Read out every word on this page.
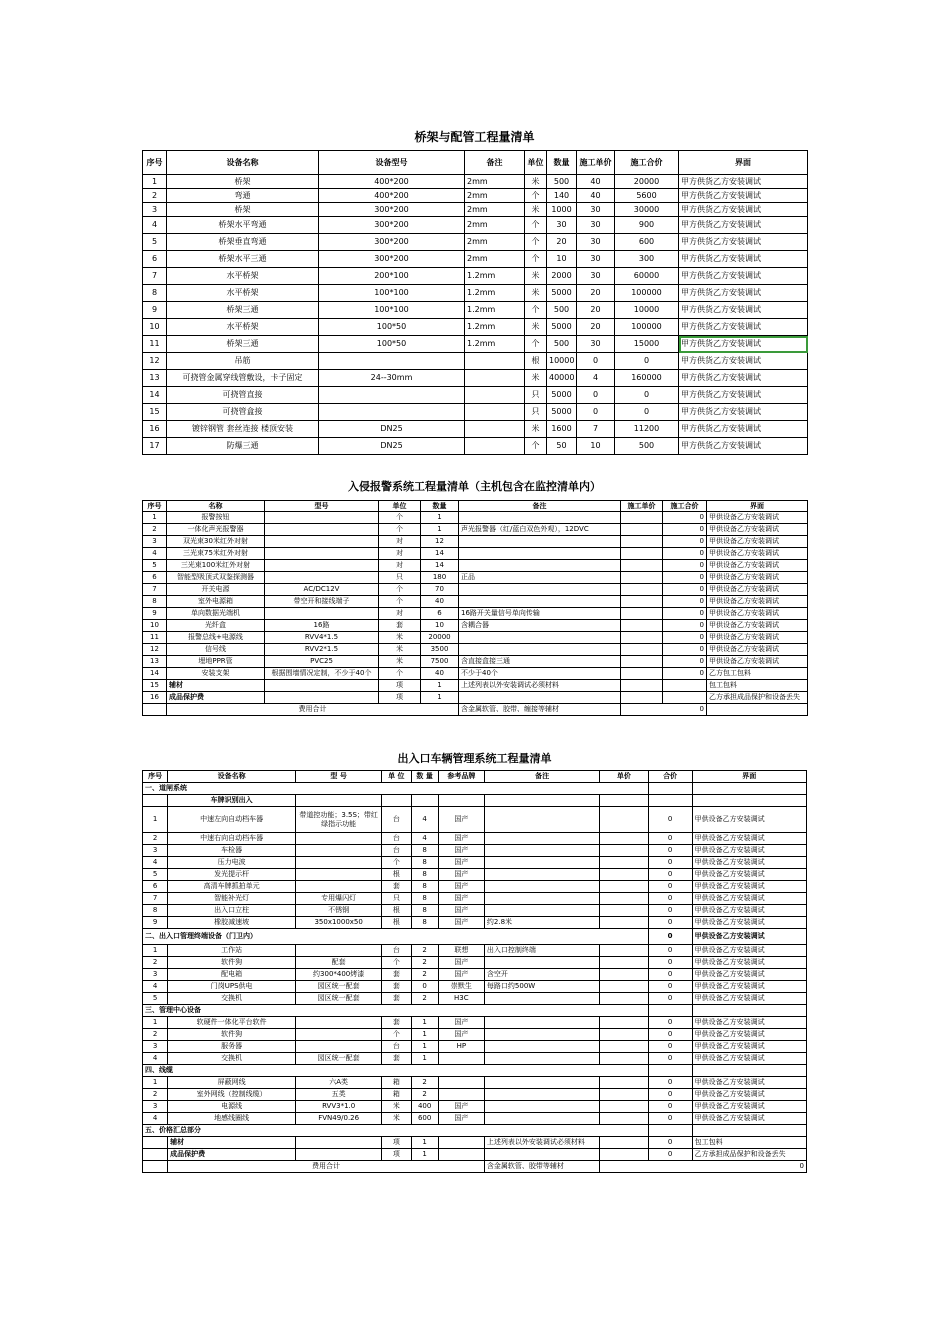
桥架与配管工程量清单
序号	设备名称	设备型号	备注	单位	数量	施工单价	施工合价	界面
1	桥架	400*200	2mm	米	500	40	20000	甲方供货乙方安装调试
2	弯通	400*200	2mm	个	140	40	5600	甲方供货乙方安装调试
3	桥架	300*200	2mm	米	1000	30	30000	甲方供货乙方安装调试
4	桥架水平弯通	300*200	2mm	个	30	30	900	甲方供货乙方安装调试
5	桥架垂直弯通	300*200	2mm	个	20	30	600	甲方供货乙方安装调试
6	桥架水平三通	300*200	2mm	个	10	30	300	甲方供货乙方安装调试
7	水平桥架	200*100	1.2mm	米	2000	30	60000	甲方供货乙方安装调试
8	水平桥架	100*100	1.2mm	米	5000	20	100000	甲方供货乙方安装调试
9	桥架三通	100*100	1.2mm	个	500	20	10000	甲方供货乙方安装调试
10	水平桥架	100*50	1.2mm	米	5000	20	100000	甲方供货乙方安装调试
11	桥架三通	100*50	1.2mm	个	500	30	15000	甲方供货乙方安装调试
12	吊筋			根	10000	0	0	甲方供货乙方安装调试
13	可挠管金属穿线管敷设，卡子固定	24--30mm		米	40000	4	160000	甲方供货乙方安装调试
14	可挠管直接			只	5000	0	0	甲方供货乙方安装调试
15	可挠管盒接			只	5000	0	0	甲方供货乙方安装调试
16	镀锌钢管 套丝连接 楼顶安装	DN25		米	1600	7	11200	甲方供货乙方安装调试
17	防爆三通	DN25		个	50	10	500	甲方供货乙方安装调试
入侵报警系统工程量清单（主机包含在监控清单内）
序号	名称	型号	单位	数量	备注	施工单价	施工合价	界面
1	报警按钮		个	1			0	甲供设备乙方安装调试
2	一体化声光报警器		个	1	声光报警器（红/蓝白双色外观），12DVC		0	甲供设备乙方安装调试
3	双光束30米红外对射		对	12			0	甲供设备乙方安装调试
4	三光束75米红外对射		对	14			0	甲供设备乙方安装调试
5	三光束100米红外对射		对	14			0	甲供设备乙方安装调试
6	智能型吸顶式双鉴探测器		只	180	正品		0	甲供设备乙方安装调试
7	开关电源	AC/DC12V	个	70			0	甲供设备乙方安装调试
8	室外电源箱	带空开和接线端子	个	40			0	甲供设备乙方安装调试
9	单向数据光端机		对	6	16路开关量信号单向传输		0	甲供设备乙方安装调试
10	光纤盒	16路	套	10	含耦合器		0	甲供设备乙方安装调试
11	报警总线+电源线	RVV4*1.5	米	20000			0	甲供设备乙方安装调试
12	信号线	RVV2*1.5	米	3500			0	甲供设备乙方安装调试
13	埋地PPR管	PVC25	米	7500	含直接盒接三通		0	甲供设备乙方安装调试
14	安装支架	根据围墙情况定制，不少于40个	个	40	不少于40个		0	乙方包工包料
15	辅材		项	1	上述列表以外安装调试必须材料			包工包料
16	成品保护费		项	1				乙方承担成品保护和设备丢失
	费用合计				含金属软管、胶带、缠接等辅材	0		
出入口车辆管理系统工程量清单
序号	设备名称	型 号	单 位	数 量	参考品牌	备注	单价	合价	界面
一、道闸系统									
	车牌识别出入								
1	中速左向自动档车器	带道控功能；3.5S；带红绿指示功能	台	4	国产			0	甲供设备乙方安装调试
2	中速右向自动档车器		台	4	国产			0	甲供设备乙方安装调试
3	车检器		台	8	国产			0	甲供设备乙方安装调试
4	压力电波		个	8	国产			0	甲供设备乙方安装调试
5	发光提示杆		根	8	国产			0	甲供设备乙方安装调试
6	高清车牌抓拍单元		套	8	国产			0	甲供设备乙方安装调试
7	智能补光灯	专用爆闪灯	只	8	国产			0	甲供设备乙方安装调试
8	出入口立柱	不锈钢	根	8	国产			0	甲供设备乙方安装调试
9	橡胶减速坡	350x1000x50	根	8	国产	约2.8米		0	甲供设备乙方安装调试
二、出入口管理终端设备（门卫内）								0	甲供设备乙方安装调试
1	工作站		台	2	联想	出入口控制终端		0	甲供设备乙方安装调试
2	软件狗	配套	个	2	国产			0	甲供设备乙方安装调试
3	配电箱	约300*400烤漆	套	2	国产	含空开		0	甲供设备乙方安装调试
4	门岗UPS供电	园区统一配套	套	0	崇默生	每路口约500W		0	甲供设备乙方安装调试
5	交换机	园区统一配套	套	2	H3C			0	甲供设备乙方安装调试
三、管理中心设备									
1	软硬件一体化平台软件		套	1	国产			0	甲供设备乙方安装调试
2	软件狗		个	1	国产			0	甲供设备乙方安装调试
3	服务器		台	1	HP			0	甲供设备乙方安装调试
4	交换机	园区统一配套	套	1				0	甲供设备乙方安装调试
四、线缆									
1	屏蔽网线	六A类	箱	2				0	甲供设备乙方安装调试
2	室外网线（控制线缆）	五类	箱	2				0	甲供设备乙方安装调试
3	电源线	RVV3*1.0	米	400	国产			0	甲供设备乙方安装调试
4	地感线圈线	FVN49/0.26	米	600	国产			0	甲供设备乙方安装调试
五、价格汇总部分									
	辅材		项	1		上述列表以外安装调试必须材料		0	包工包料
	成品保护费		项	1				0	乙方承担成品保护和设备丢失
	费用合计					含金属软管、胶带等辅材	0		
